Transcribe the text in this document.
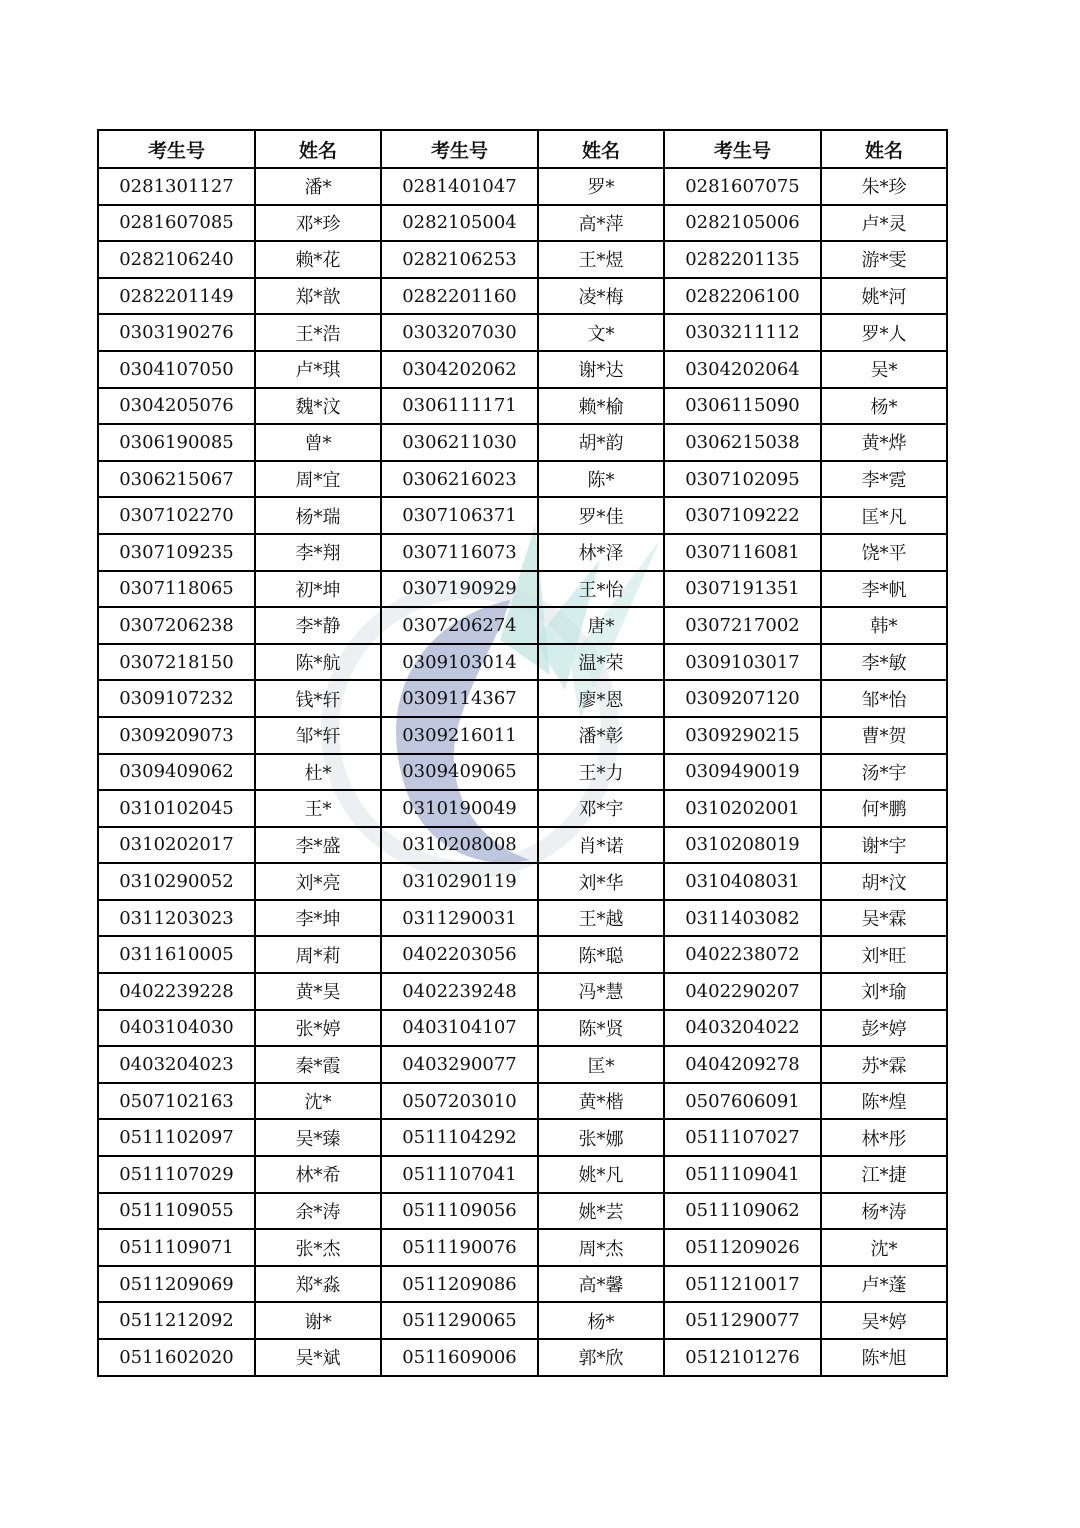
考生号	姓名	考生号	姓名	考生号	姓名
0281301127	潘*	0281401047	罗*	0281607075	朱*珍
0281607085	邓*珍	0282105004	高*萍	0282105006	卢*灵
0282106240	赖*花	0282106253	王*煜	0282201135	游*雯
0282201149	郑*歆	0282201160	凌*梅	0282206100	姚*河
0303190276	王*浩	0303207030	文*	0303211112	罗*人
0304107050	卢*琪	0304202062	谢*达	0304202064	吴*
0304205076	魏*汶	0306111171	赖*榆	0306115090	杨*
0306190085	曾*	0306211030	胡*韵	0306215038	黄*烨
0306215067	周*宜	0306216023	陈*	0307102095	李*霓
0307102270	杨*瑞	0307106371	罗*佳	0307109222	匡*凡
0307109235	李*翔	0307116073	林*泽	0307116081	饶*平
0307118065	初*坤	0307190929	王*怡	0307191351	李*帆
0307206238	李*静	0307206274	唐*	0307217002	韩*
0307218150	陈*航	0309103014	温*荣	0309103017	李*敏
0309107232	钱*轩	0309114367	廖*恩	0309207120	邹*怡
0309209073	邹*轩	0309216011	潘*彰	0309290215	曹*贺
0309409062	杜*	0309409065	王*力	0309490019	汤*宇
0310102045	王*	0310190049	邓*宇	0310202001	何*鹏
0310202017	李*盛	0310208008	肖*诺	0310208019	谢*宇
0310290052	刘*亮	0310290119	刘*华	0310408031	胡*汶
0311203023	李*坤	0311290031	王*越	0311403082	吴*霖
0311610005	周*莉	0402203056	陈*聪	0402238072	刘*旺
0402239228	黄*昊	0402239248	冯*慧	0402290207	刘*瑜
0403104030	张*婷	0403104107	陈*贤	0403204022	彭*婷
0403204023	秦*霞	0403290077	匡*	0404209278	苏*霖
0507102163	沈*	0507203010	黄*楷	0507606091	陈*煌
0511102097	吴*臻	0511104292	张*娜	0511107027	林*彤
0511107029	林*希	0511107041	姚*凡	0511109041	江*捷
0511109055	余*涛	0511109056	姚*芸	0511109062	杨*涛
0511109071	张*杰	0511190076	周*杰	0511209026	沈*
0511209069	郑*淼	0511209086	高*馨	0511210017	卢*蓬
0511212092	谢*	0511290065	杨*	0511290077	吴*婷
0511602020	吴*斌	0511609006	郭*欣	0512101276	陈*旭
